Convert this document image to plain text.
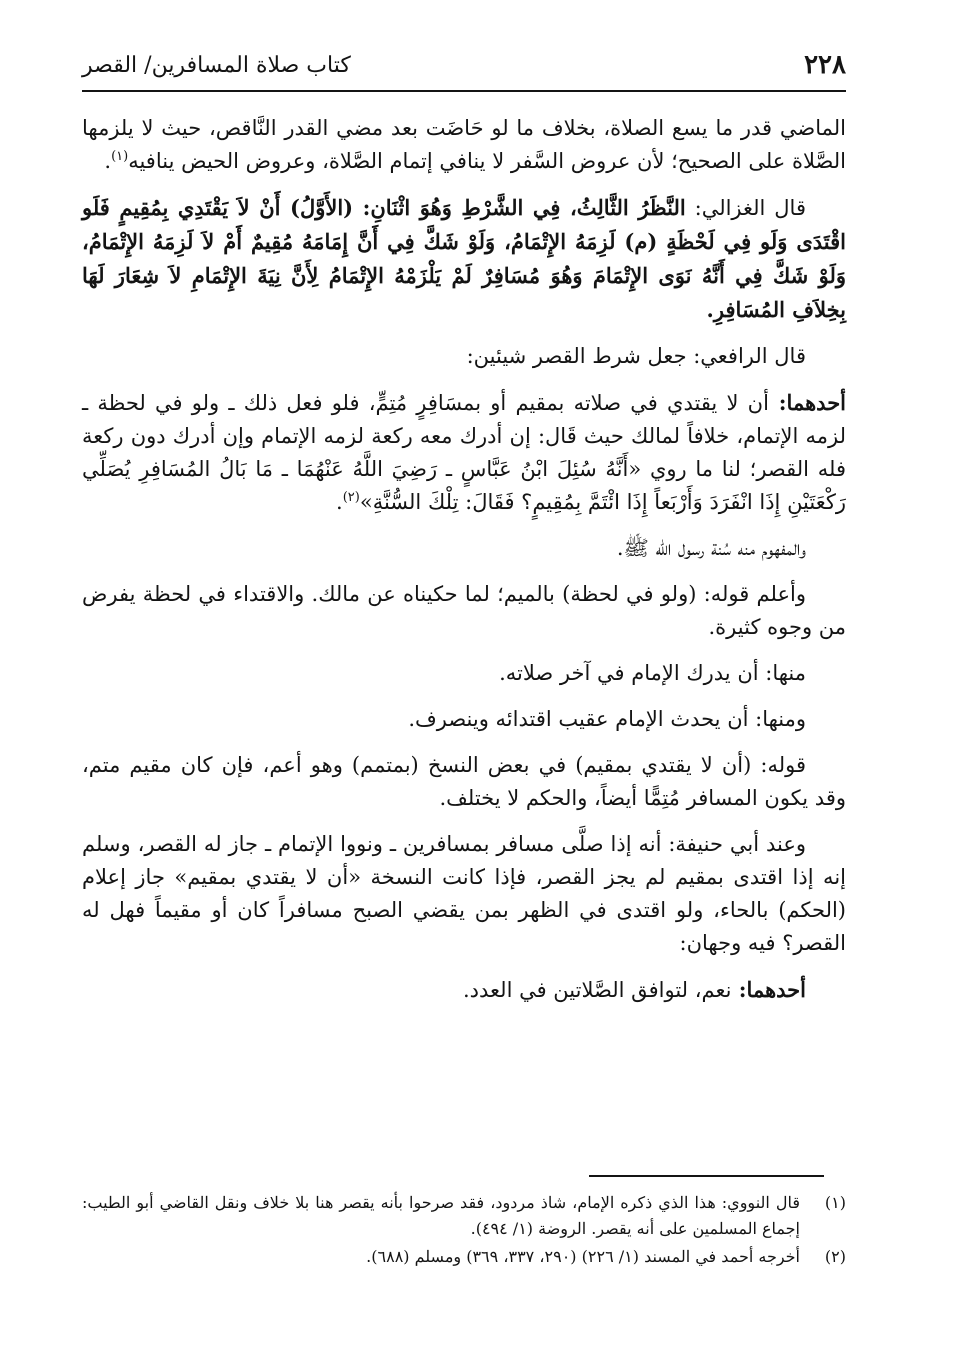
٢٢٨
كتاب صلاة المسافرين/ القصر

الماضي قدر ما يسع الصلاة، بخلاف ما لو حَاضَت بعد مضي القدر النَّاقص، حيث لا يلزمها الصَّلاة على الصحيح؛ لأن عروض السَّفر لا ينافي إتمام الصَّلاة، وعروض الحيض ينافيه$^{(١)}$.

قال الغزالي: النَّظَرُ الثَّالِثُ، فِي الشَّرْطِ وَهُوَ اثْنَانِ: (الأَوَّلُ) أَنْ لاَ يَقْتَدِي بِمُقِيمٍ فَلَو اقْتَدَى وَلَو فِي لَحْظَةٍ (م) لَزِمَهُ الإِتْمَامُ، وَلَوْ شَكَّ فِي أَنَّ إِمَامَهُ مُقِيمٌ أَمْ لاَ لَزِمَهُ الإِتْمَامُ، وَلَوْ شَكَّ فِي أَنَّهُ نَوَى الإِتْمَامَ وَهُوَ مُسَافِرٌ لَمْ يَلْزَمْهُ الإِتْمَامُ لِأَنَّ نِيَةَ الإِتْمَامِ لاَ شِعَارَ لَهَا بِخِلاَفِ المُسَافِرِ.

قال الرافعي: جعل شرط القصر شيئين:

أحدهما: أن لا يقتدي في صلاته بمقيم أو بمسَافِرٍ مُتِمٍّ، فلو فعل ذلك ـ ولو في لحظة ـ لزمه الإتمام، خلافاً لمالك حيث قَال: إن أدرك معه ركعة لزمه الإتمام وإن أدرك دون ركعة فله القصر؛ لنا ما روي «أَنَّهُ سُئِلَ ابْنُ عَبَّاسٍ ـ رَضِيَ اللَّهُ عَنْهُمَا ـ مَا بَالُ المُسَافِرِ يُصَلِّي رَكْعَتَيْنِ إِذَا انْفَرَدَ وَأَرْبَعاً إِذَا ائْتَمَّ بِمُقِيمٍ؟ فَقَالَ: تِلْكَ السُّنَّةِ»$^{(٢)}$.

والمفهوم منه سُنة رسول الله ﷺ.

وأعلم قوله: (ولو في لحظة) بالميم؛ لما حكيناه عن مالك. والاقتداء في لحظة يفرض من وجوه كثيرة.

منها: أن يدرك الإمام في آخر صلاته.

ومنها: أن يحدث الإمام عقيب اقتدائه وينصرف.

قوله: (أن لا يقتدي بمقيم) في بعض النسخ (بمتمم) وهو أعم، فإن كان مقيم متم، وقد يكون المسافر مُتِمًّا أيضاً، والحكم لا يختلف.

وعند أبي حنيفة: أنه إذا صلَّى مسافر بمسافرين ـ ونووا الإتمام ـ جاز له القصر، وسلم إنه إذا اقتدى بمقيم لم يجز القصر، فإذا كانت النسخة «أن لا يقتدي بمقيم» جاز إعلام (الحكم) بالحاء، ولو اقتدى في الظهر بمن يقضي الصبح مسافراً كان أو مقيماً فهل له القصر؟ فيه وجهان:

أحدهما: نعم، لتوافق الصَّلاتين في العدد.

(١)
قال النووي: هذا الذي ذكره الإمام، شاذ مردود، فقد صرحوا بأنه يقصر هنا بلا خلاف ونقل القاضي أبو الطيب: إجماع المسلمين على أنه يقصر. الروضة (١/ ٤٩٤).
(٢)
أخرجه أحمد في المسند (١/ ٢٢٦) (٢٩٠، ٣٣٧، ٣٦٩) ومسلم (٦٨٨).
